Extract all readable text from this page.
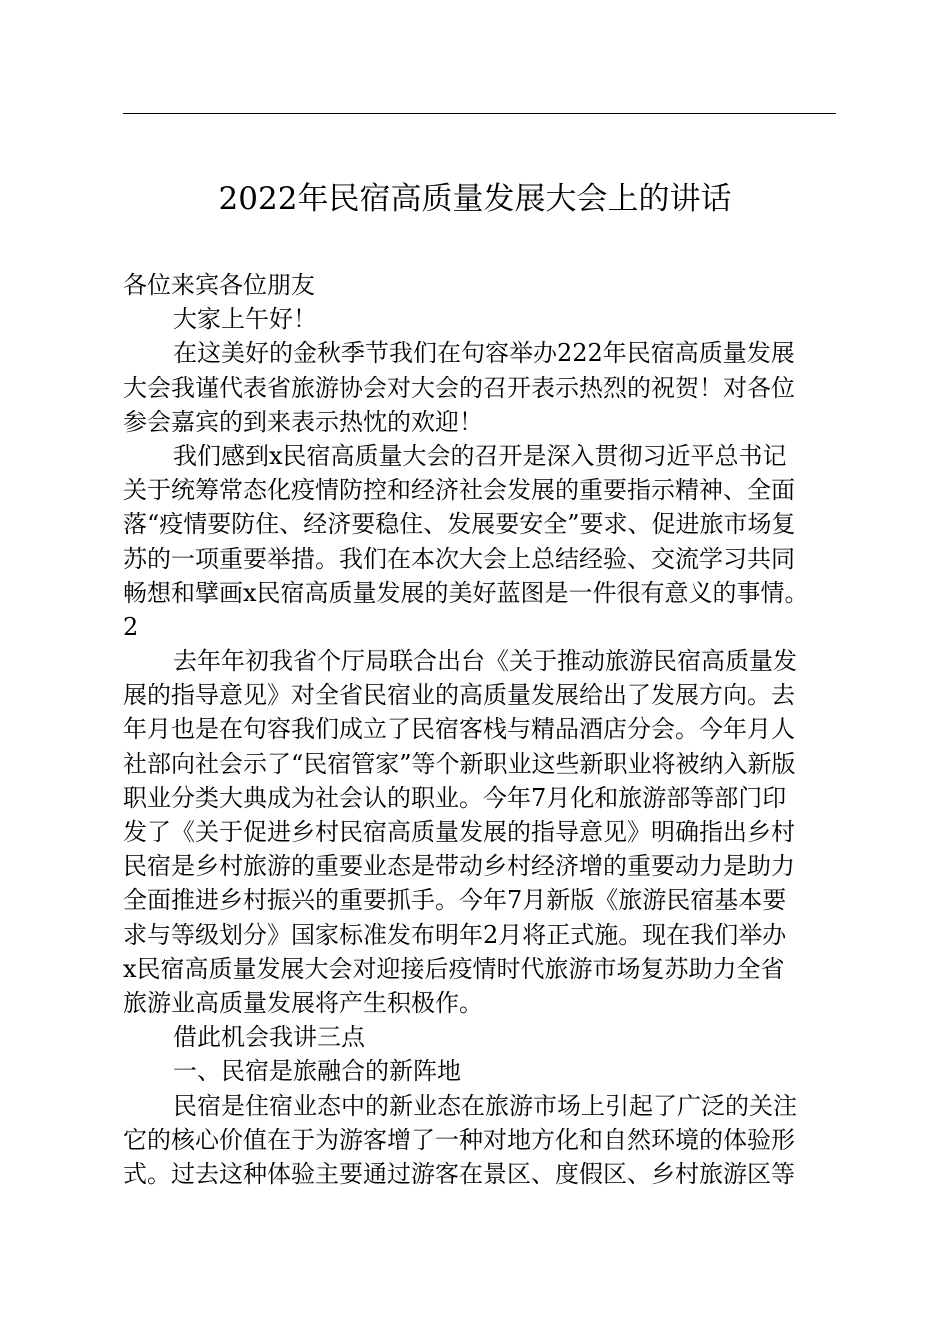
2022年民宿高质量发展大会上的讲话
各位来宾各位朋友
大家上午好！
在这美好的金秋季节我们在句容举办222年民宿高质量发展
大会我谨代表省旅游协会对大会的召开表示热烈的祝贺！对各位
参会嘉宾的到来表示热忱的欢迎！
我们感到x民宿高质量大会的召开是深入贯彻习近平总书记
关于统筹常态化疫情防控和经济社会发展的重要指示精神、全面
落“疫情要防住、经济要稳住、发展要安全”要求、促进旅市场复
苏的一项重要举措。我们在本次大会上总结经验、交流学习共同
畅想和擘画x民宿高质量发展的美好蓝图是一件很有意义的事情。
2
去年年初我省个厅局联合出台《关于推动旅游民宿高质量发
展的指导意见》对全省民宿业的高质量发展给出了发展方向。去
年月也是在句容我们成立了民宿客栈与精品酒店分会。今年月人
社部向社会示了“民宿管家”等个新职业这些新职业将被纳入新版
职业分类大典成为社会认的职业。今年7月化和旅游部等部门印
发了《关于促进乡村民宿高质量发展的指导意见》明确指出乡村
民宿是乡村旅游的重要业态是带动乡村经济增的重要动力是助力
全面推进乡村振兴的重要抓手。今年7月新版《旅游民宿基本要
求与等级划分》国家标准发布明年2月将正式施。现在我们举办
x民宿高质量发展大会对迎接后疫情时代旅游市场复苏助力全省
旅游业高质量发展将产生积极作。
借此机会我讲三点
一、民宿是旅融合的新阵地
民宿是住宿业态中的新业态在旅游市场上引起了广泛的关注
它的核心价值在于为游客增了一种对地方化和自然环境的体验形
式。过去这种体验主要通过游客在景区、度假区、乡村旅游区等
